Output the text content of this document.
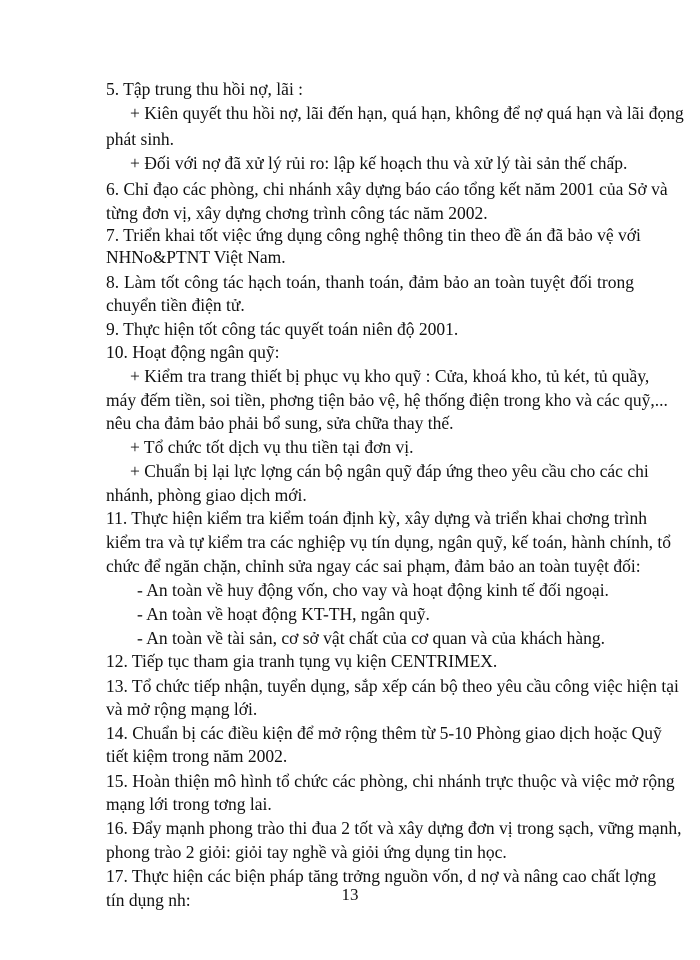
5. Tập trung thu hồi nợ, lãi :
+ Kiên quyết thu hồi nợ, lãi đến hạn, quá hạn, không để nợ quá hạn và lãi đọng
phát sinh.
+ Đối với nợ đã xử lý rủi ro: lập kế hoạch thu và xử lý tài sản thế chấp.
6. Chỉ đạo các phòng, chi nhánh xây dựng báo cáo tổng kết năm 2001 của Sở và
từng đơn vị, xây dựng chơng trình công tác năm 2002.
7. Triển khai tốt việc ứng dụng công nghệ thông tin theo đề án đã bảo vệ với
NHNo&PTNT Việt Nam.
8. Làm tốt công tác hạch toán, thanh toán, đảm bảo an toàn tuyệt đối trong
chuyển tiền điện tử.
9. Thực hiện tốt công tác quyết toán niên độ 2001.
10. Hoạt động ngân quỹ:
+ Kiểm tra trang thiết bị phục vụ kho quỹ : Cửa, khoá kho, tủ két, tủ quầy,
máy đếm tiền, soi tiền, phơng tiện bảo vệ, hệ thống điện trong kho và các quỹ,...
nêu cha đảm bảo phải bổ sung, sửa chữa thay thế.
+ Tổ chức tốt dịch vụ thu tiền tại đơn vị.
+ Chuẩn bị lại lực lợng cán bộ ngân quỹ đáp ứng theo yêu cầu cho các chi
nhánh, phòng giao dịch mới.
11. Thực hiện kiểm tra kiểm toán định kỳ, xây dựng và triển khai chơng trình
kiểm tra và tự kiểm tra các nghiệp vụ tín dụng, ngân quỹ, kế toán, hành chính, tổ
chức để ngăn chặn, chỉnh sửa ngay các sai phạm, đảm bảo an toàn tuyệt đối:
- An toàn về huy động vốn, cho vay và hoạt động kinh tế đối ngoại.
- An toàn về hoạt động KT-TH, ngân quỹ.
- An toàn về tài sản, cơ sở vật chất của cơ quan và của khách hàng.
12. Tiếp tục tham gia tranh tụng vụ kiện CENTRIMEX.
13. Tổ chức tiếp nhận, tuyển dụng, sắp xếp cán bộ theo yêu cầu công việc hiện tại
và mở rộng mạng lới.
14. Chuẩn bị các điều kiện để mở rộng thêm từ 5-10 Phòng giao dịch hoặc Quỹ
tiết kiệm trong năm 2002.
15. Hoàn thiện mô hình tổ chức các phòng, chi nhánh trực thuộc và việc mở rộng
mạng lới trong tơng lai.
16. Đẩy mạnh phong trào thi đua 2 tốt và xây dựng đơn vị trong sạch, vững mạnh,
phong trào 2 giỏi: giỏi tay nghề và giỏi ứng dụng tin học.
17. Thực hiện các biện pháp tăng trởng nguồn vốn, d nợ và nâng cao chất lợng
tín dụng nh:	13
